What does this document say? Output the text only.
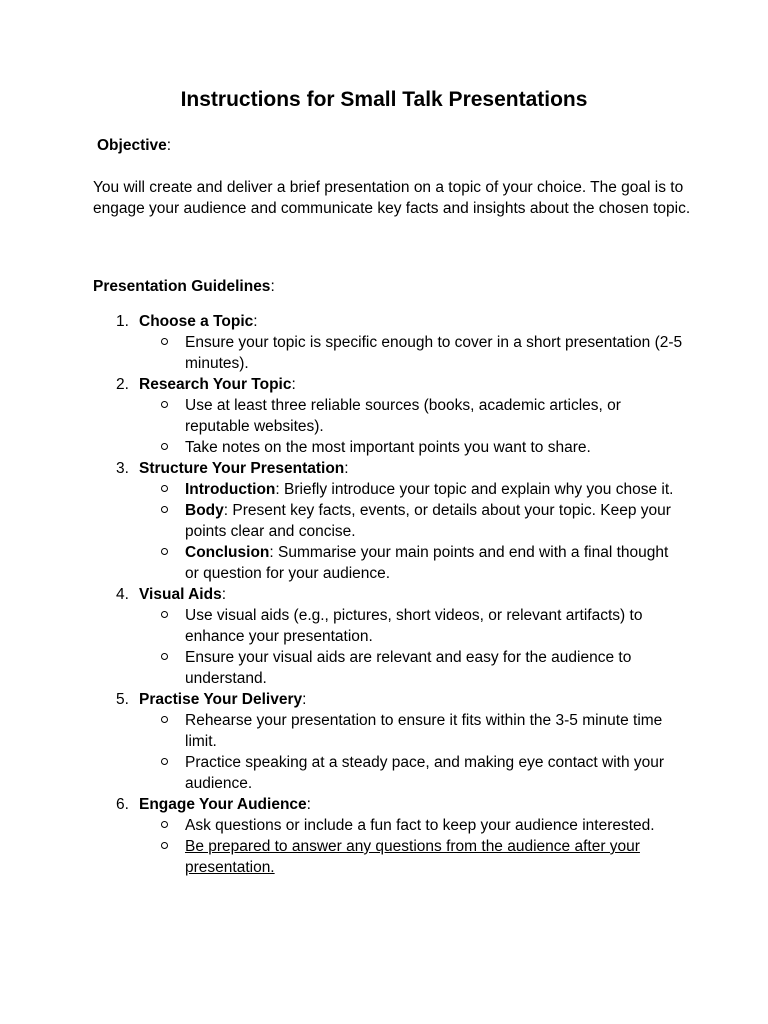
Instructions for Small Talk Presentations

Objective:

You will create and deliver a brief presentation on a topic of your choice. The goal is to engage your audience and communicate key facts and insights about the chosen topic.

Presentation Guidelines:

1. Choose a Topic:
Ensure your topic is specific enough to cover in a short presentation (2-5 minutes).
2. Research Your Topic:
Use at least three reliable sources (books, academic articles, or reputable websites).
Take notes on the most important points you want to share.
3. Structure Your Presentation:
Introduction: Briefly introduce your topic and explain why you chose it.
Body: Present key facts, events, or details about your topic. Keep your points clear and concise.
Conclusion: Summarise your main points and end with a final thought or question for your audience.
4. Visual Aids:
Use visual aids (e.g., pictures, short videos, or relevant artifacts) to enhance your presentation.
Ensure your visual aids are relevant and easy for the audience to understand.
5. Practise Your Delivery:
Rehearse your presentation to ensure it fits within the 3-5 minute time limit.
Practice speaking at a steady pace, and making eye contact with your audience.
6. Engage Your Audience:
Ask questions or include a fun fact to keep your audience interested.
Be prepared to answer any questions from the audience after your presentation.
